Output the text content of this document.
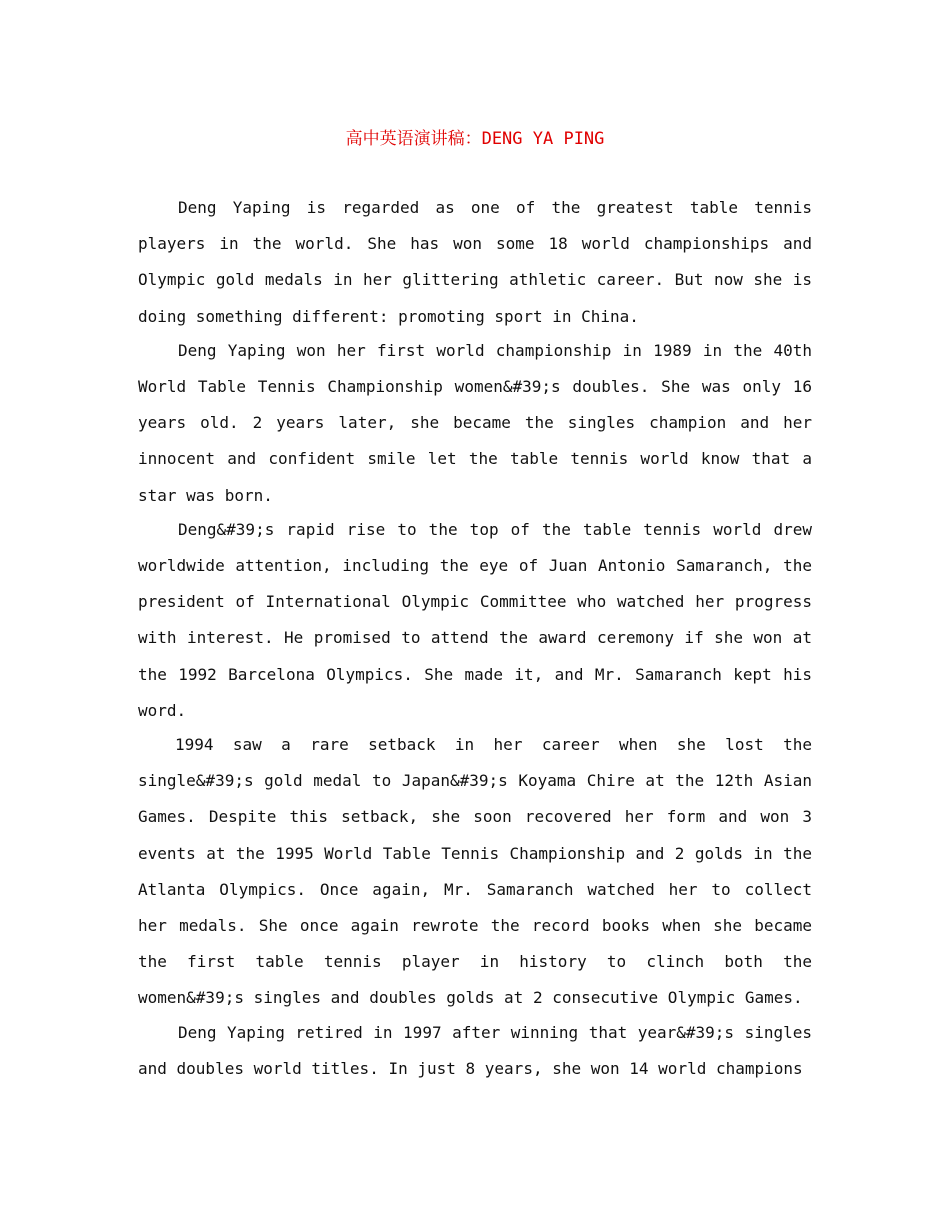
高中英语演讲稿：DENG YA PING

Deng Yaping is regarded as one of the greatest table tennis players in the world. She has won some 18 world championships and Olympic gold medals in her glittering athletic career. But now she is doing something different: promoting sport in China.

Deng Yaping won her first world championship in 1989 in the 40th World Table Tennis Championship women&#39;s doubles. She was only 16 years old. 2 years later, she became the singles champion and her innocent and confident smile let the table tennis world know that a star was born.

Deng&#39;s rapid rise to the top of the table tennis world drew worldwide attention, including the eye of Juan Antonio Samaranch, the president of International Olympic Committee who watched her progress with interest. He promised to attend the award ceremony if she won at the 1992 Barcelona Olympics. She made it, and Mr. Samaranch kept his word.

1994 saw a rare setback in her career when she lost the single&#39;s gold medal to Japan&#39;s Koyama Chire at the 12th Asian Games. Despite this setback, she soon recovered her form and won 3 events at the 1995 World Table Tennis Championship and 2 golds in the Atlanta Olympics. Once again, Mr. Samaranch watched her to collect her medals. She once again rewrote the record books when she became the first table tennis player in history to clinch both the women&#39;s singles and doubles golds at 2 consecutive Olympic Games.

Deng Yaping retired in 1997 after winning that year&#39;s singles and doubles world titles. In just 8 years, she won 14 world champions
